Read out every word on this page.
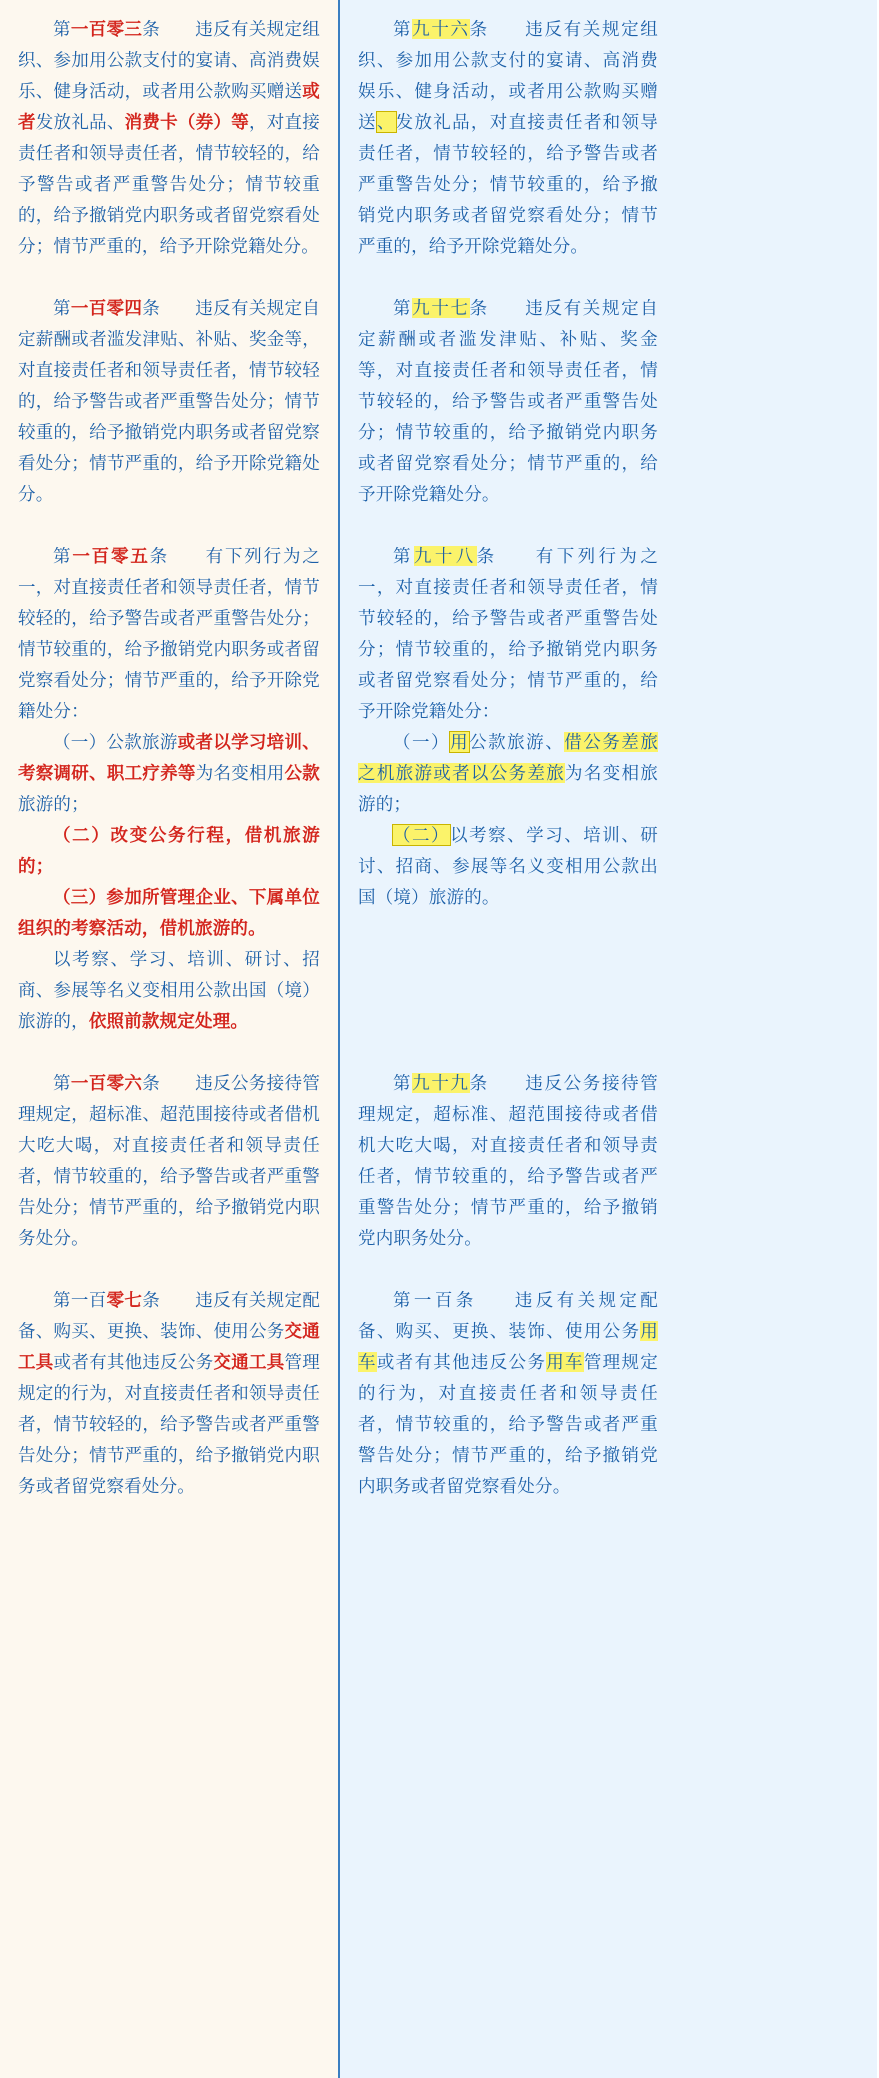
第一百零三条 违反有关规定组织、参加用公款支付的宴请、高消费娱乐、健身活动，或者用公款购买赠送或者发放礼品、消费卡（券）等，对直接责任者和领导责任者，情节较轻的，给予警告或者严重警告处分；情节较重的，给予撤销党内职务或者留党察看处分；情节严重的，给予开除党籍处分。

第一百零四条 违反有关规定自定薪酬或者滥发津贴、补贴、奖金等，对直接责任者和领导责任者，情节较轻的，给予警告或者严重警告处分；情节较重的，给予撤销党内职务或者留党察看处分；情节严重的，给予开除党籍处分。

第一百零五条 有下列行为之一，对直接责任者和领导责任者，情节较轻的，给予警告或者严重警告处分；情节较重的，给予撤销党内职务或者留党察看处分；情节严重的，给予开除党籍处分：

（一）公款旅游或者以学习培训、考察调研、职工疗养等为名变相用公款旅游的；

（二）改变公务行程，借机旅游的；

（三）参加所管理企业、下属单位组织的考察活动，借机旅游的。

以考察、学习、培训、研讨、招商、参展等名义变相用公款出国（境）旅游的，依照前款规定处理。

第一百零六条 违反公务接待管理规定，超标准、超范围接待或者借机大吃大喝，对直接责任者和领导责任者，情节较重的，给予警告或者严重警告处分；情节严重的，给予撤销党内职务处分。

第一百零七条 违反有关规定配备、购买、更换、装饰、使用公务交通工具或者有其他违反公务交通工具管理规定的行为，对直接责任者和领导责任者，情节较轻的，给予警告或者严重警告处分；情节严重的，给予撤销党内职务或者留党察看处分。

第九十六条 违反有关规定组织、参加用公款支付的宴请、高消费娱乐、健身活动，或者用公款购买赠送、发放礼品，对直接责任者和领导责任者，情节较轻的，给予警告或者严重警告处分；情节较重的，给予撤销党内职务或者留党察看处分；情节严重的，给予开除党籍处分。

第九十七条 违反有关规定自定薪酬或者滥发津贴、补贴、奖金等，对直接责任者和领导责任者，情节较轻的，给予警告或者严重警告处分；情节较重的，给予撤销党内职务或者留党察看处分；情节严重的，给予开除党籍处分。

第九十八条 有下列行为之一，对直接责任者和领导责任者，情节较轻的，给予警告或者严重警告处分；情节较重的，给予撤销党内职务或者留党察看处分；情节严重的，给予开除党籍处分：

（一）用公款旅游、借公务差旅之机旅游或者以公务差旅为名变相旅游的；

（二）以考察、学习、培训、研讨、招商、参展等名义变相用公款出国（境）旅游的。

第九十九条 违反公务接待管理规定，超标准、超范围接待或者借机大吃大喝，对直接责任者和领导责任者，情节较重的，给予警告或者严重警告处分；情节严重的，给予撤销党内职务处分。

第一百条 违反有关规定配备、购买、更换、装饰、使用公务用车或者有其他违反公务用车管理规定的行为，对直接责任者和领导责任者，情节较重的，给予警告或者严重警告处分；情节严重的，给予撤销党内职务或者留党察看处分。
